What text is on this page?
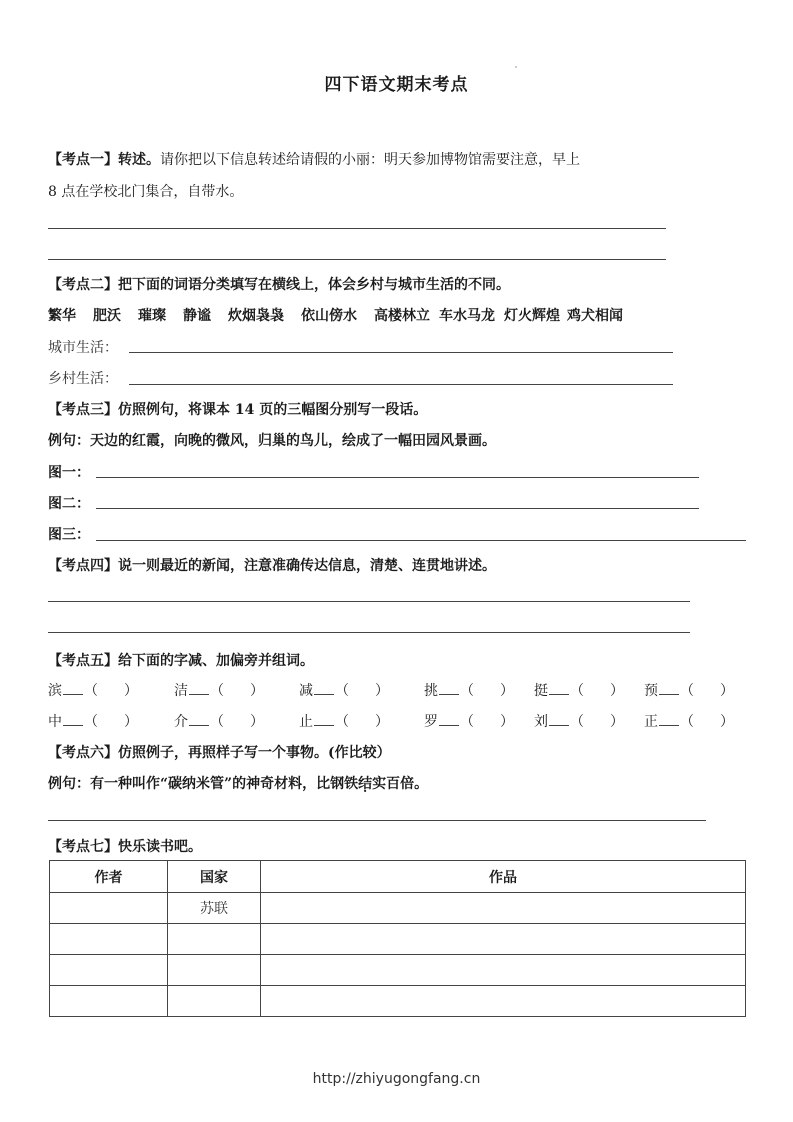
四下语文期末考点
【考点一】转述。请你把以下信息转述给请假的小丽：明天参加博物馆需要注意，早上
8 点在学校北门集合，自带水。
【考点二】把下面的词语分类填写在横线上，体会乡村与城市生活的不同。
繁华 肥沃 璀璨 静谧 炊烟袅袅 依山傍水 高楼林立 车水马龙 灯火辉煌 鸡犬相闻
城市生活：
乡村生活：
【考点三】仿照例句，将课本 14 页的三幅图分别写一段话。
例句：天边的红霞，向晚的微风，归巢的鸟儿，绘成了一幅田园风景画。
图一：
图二：
图三：
【考点四】说一则最近的新闻，注意准确传达信息，清楚、连贯地讲述。
【考点五】给下面的字减、加偏旁并组词。
滨 （ ）	洁 （ ）	减 （ ）	挑 （ ） 挺 （ ） 预 （ ）
中 （ ）	介 （ ）	止 （ ）	罗 （ ） 刘 （ ） 正 （ ）
【考点六】仿照例子，再照样子写一个事物。(作比较）
例句：有一种叫作“碳纳米管”的神奇材料，比钢铁结实百倍 ·。
【考点七】快乐读书吧。
作者	国家	作品
	苏联	

http://zhiyugongfang.cn
